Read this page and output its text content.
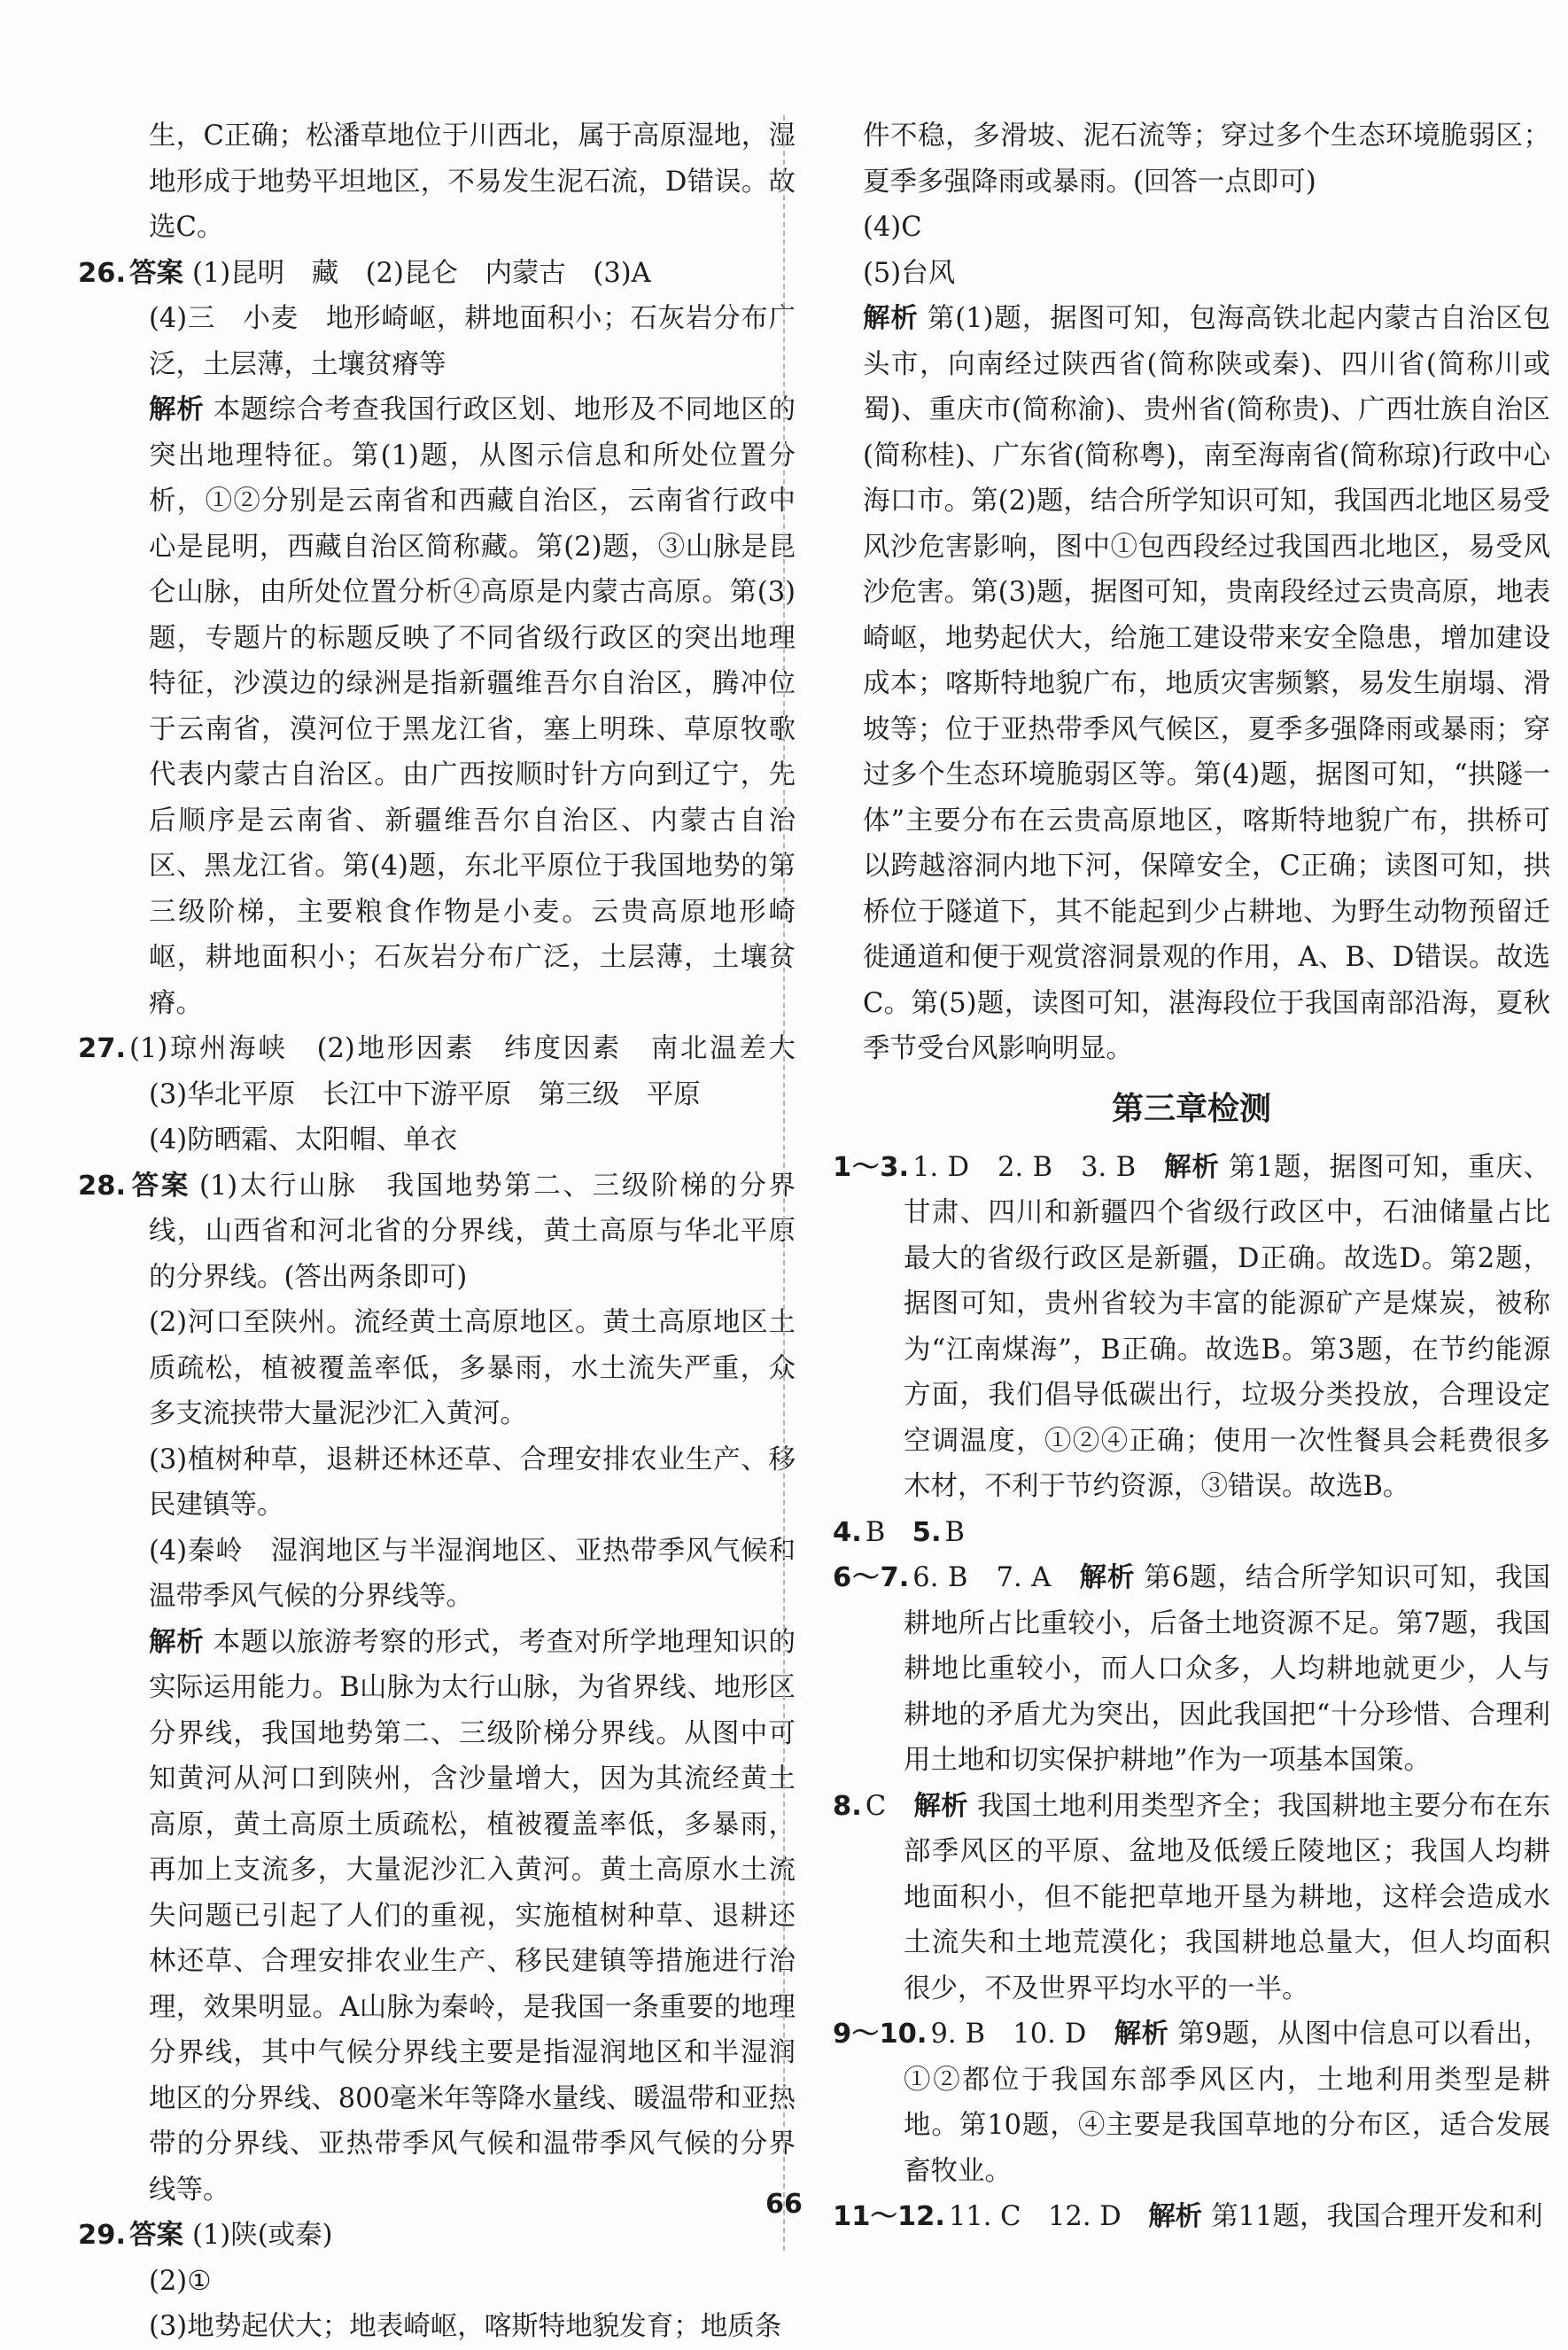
生，C正确；松潘草地位于川西北，属于高原湿地，湿地形成于地势平坦地区，不易发生泥石流，D错误。故选C。

26. 答案 (1)昆明　藏　(2)昆仑　内蒙古　(3)A

(4)三　小麦　地形崎岖，耕地面积小；石灰岩分布广泛，土层薄，土壤贫瘠等

解析 本题综合考查我国行政区划、地形及不同地区的突出地理特征。第(1)题，从图示信息和所处位置分析，①②分别是云南省和西藏自治区，云南省行政中心是昆明，西藏自治区简称藏。第(2)题，③山脉是昆仑山脉，由所处位置分析④高原是内蒙古高原。第(3)题，专题片的标题反映了不同省级行政区的突出地理特征，沙漠边的绿洲是指新疆维吾尔自治区，腾冲位于云南省，漠河位于黑龙江省，塞上明珠、草原牧歌代表内蒙古自治区。由广西按顺时针方向到辽宁，先后顺序是云南省、新疆维吾尔自治区、内蒙古自治区、黑龙江省。第(4)题，东北平原位于我国地势的第三级阶梯，主要粮食作物是小麦。云贵高原地形崎岖，耕地面积小；石灰岩分布广泛，土层薄，土壤贫瘠。

27. (1)琼州海峡　(2)地形因素　纬度因素　南北温差大　(3)华北平原　长江中下游平原　第三级　平原

(4)防晒霜、太阳帽、单衣

28. 答案 (1)太行山脉　我国地势第二、三级阶梯的分界线，山西省和河北省的分界线，黄土高原与华北平原的分界线。(答出两条即可)

(2)河口至陕州。流经黄土高原地区。黄土高原地区土质疏松，植被覆盖率低，多暴雨，水土流失严重，众多支流挟带大量泥沙汇入黄河。

(3)植树种草，退耕还林还草、合理安排农业生产、移民建镇等。

(4)秦岭　湿润地区与半湿润地区、亚热带季风气候和温带季风气候的分界线等。

解析 本题以旅游考察的形式，考查对所学地理知识的实际运用能力。B山脉为太行山脉，为省界线、地形区分界线，我国地势第二、三级阶梯分界线。从图中可知黄河从河口到陕州，含沙量增大，因为其流经黄土高原，黄土高原土质疏松，植被覆盖率低，多暴雨，再加上支流多，大量泥沙汇入黄河。黄土高原水土流失问题已引起了人们的重视，实施植树种草、退耕还林还草、合理安排农业生产、移民建镇等措施进行治理，效果明显。A山脉为秦岭，是我国一条重要的地理分界线，其中气候分界线主要是指湿润地区和半湿润地区的分界线、800毫米年等降水量线、暖温带和亚热带的分界线、亚热带季风气候和温带季风气候的分界线等。

29. 答案 (1)陕(或秦)

(2)①

(3)地势起伏大；地表崎岖，喀斯特地貌发育；地质条

件不稳，多滑坡、泥石流等；穿过多个生态环境脆弱区；夏季多强降雨或暴雨。(回答一点即可)

(4)C

(5)台风

解析 第(1)题，据图可知，包海高铁北起内蒙古自治区包头市，向南经过陕西省(简称陕或秦)、四川省(简称川或蜀)、重庆市(简称渝)、贵州省(简称贵)、广西壮族自治区(简称桂)、广东省(简称粤)，南至海南省(简称琼)行政中心海口市。第(2)题，结合所学知识可知，我国西北地区易受风沙危害影响，图中①包西段经过我国西北地区，易受风沙危害。第(3)题，据图可知，贵南段经过云贵高原，地表崎岖，地势起伏大，给施工建设带来安全隐患，增加建设成本；喀斯特地貌广布，地质灾害频繁，易发生崩塌、滑坡等；位于亚热带季风气候区，夏季多强降雨或暴雨；穿过多个生态环境脆弱区等。第(4)题，据图可知，“拱隧一体”主要分布在云贵高原地区，喀斯特地貌广布，拱桥可以跨越溶洞内地下河，保障安全，C正确；读图可知，拱桥位于隧道下，其不能起到少占耕地、为野生动物预留迁徙通道和便于观赏溶洞景观的作用，A、B、D错误。故选C。第(5)题，读图可知，湛海段位于我国南部沿海，夏秋季节受台风影响明显。

第三章检测

1～3. 1. D　2. B　3. B　 解析 第1题，据图可知，重庆、甘肃、四川和新疆四个省级行政区中，石油储量占比最大的省级行政区是新疆，D正确。故选D。第2题，据图可知，贵州省较为丰富的能源矿产是煤炭，被称为“江南煤海”，B正确。故选B。第3题，在节约能源方面，我们倡导低碳出行，垃圾分类投放，合理设定空调温度，①②④正确；使用一次性餐具会耗费很多木材，不利于节约资源，③错误。故选B。

4. B　5. B

6～7. 6. B　7. A　 解析 第6题，结合所学知识可知，我国耕地所占比重较小，后备土地资源不足。第7题，我国耕地比重较小，而人口众多，人均耕地就更少，人与耕地的矛盾尤为突出，因此我国把“十分珍惜、合理利用土地和切实保护耕地”作为一项基本国策。

8. C　 解析 我国土地利用类型齐全；我国耕地主要分布在东部季风区的平原、盆地及低缓丘陵地区；我国人均耕地面积小，但不能把草地开垦为耕地，这样会造成水土流失和土地荒漠化；我国耕地总量大，但人均面积很少，不及世界平均水平的一半。

9～10. 9. B　10. D　 解析 第9题，从图中信息可以看出，①②都位于我国东部季风区内，土地利用类型是耕地。第10题，④主要是我国草地的分布区，适合发展畜牧业。

11～12. 11. C　12. D　 解析 第11题，我国合理开发和利

66
